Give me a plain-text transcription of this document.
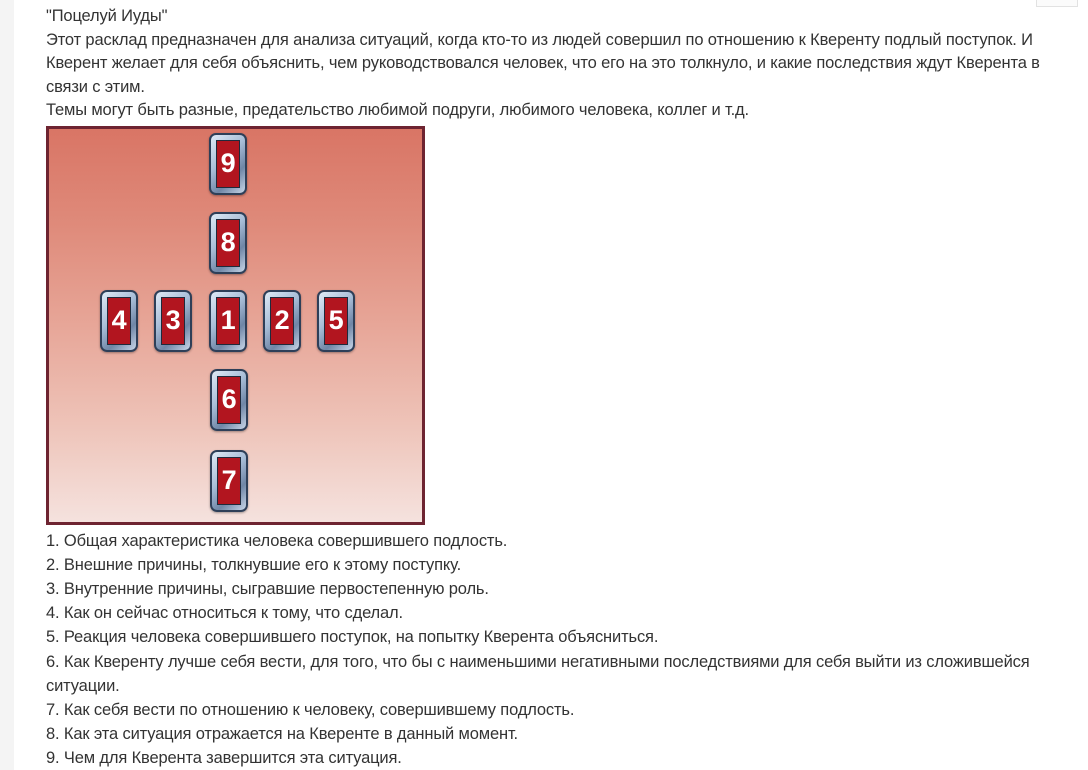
"Поцелуй Иуды"

Этот расклад предназначен для анализа ситуаций, когда кто-то из людей совершил по отношению к Кверенту подлый поступок. И Кверент желает для себя объяснить, чем руководствовался человек, что его на это толкнуло, и какие последствия ждут Кверента в связи с этим.

Темы могут быть разные, предательство любимой подруги, любимого человека, коллег и т.д.

9
8
4 3 1 2 5
6
7
1. Общая характеристика человека совершившего подлость.
2. Внешние причины, толкнувшие его к этому поступку.
3. Внутренние причины, сыгравшие первостепенную роль.
4. Как он сейчас относиться к тому, что сделал.
5. Реакция человека совершившего поступок, на попытку Кверента объясниться.
6. Как Кверенту лучше себя вести, для того, что бы с наименьшими негативными последствиями для себя выйти из сложившейся ситуации.
7. Как себя вести по отношению к человеку, совершившему подлость.
8. Как эта ситуация отражается на Кверенте в данный момент.
9. Чем для Кверента завершится эта ситуация.
